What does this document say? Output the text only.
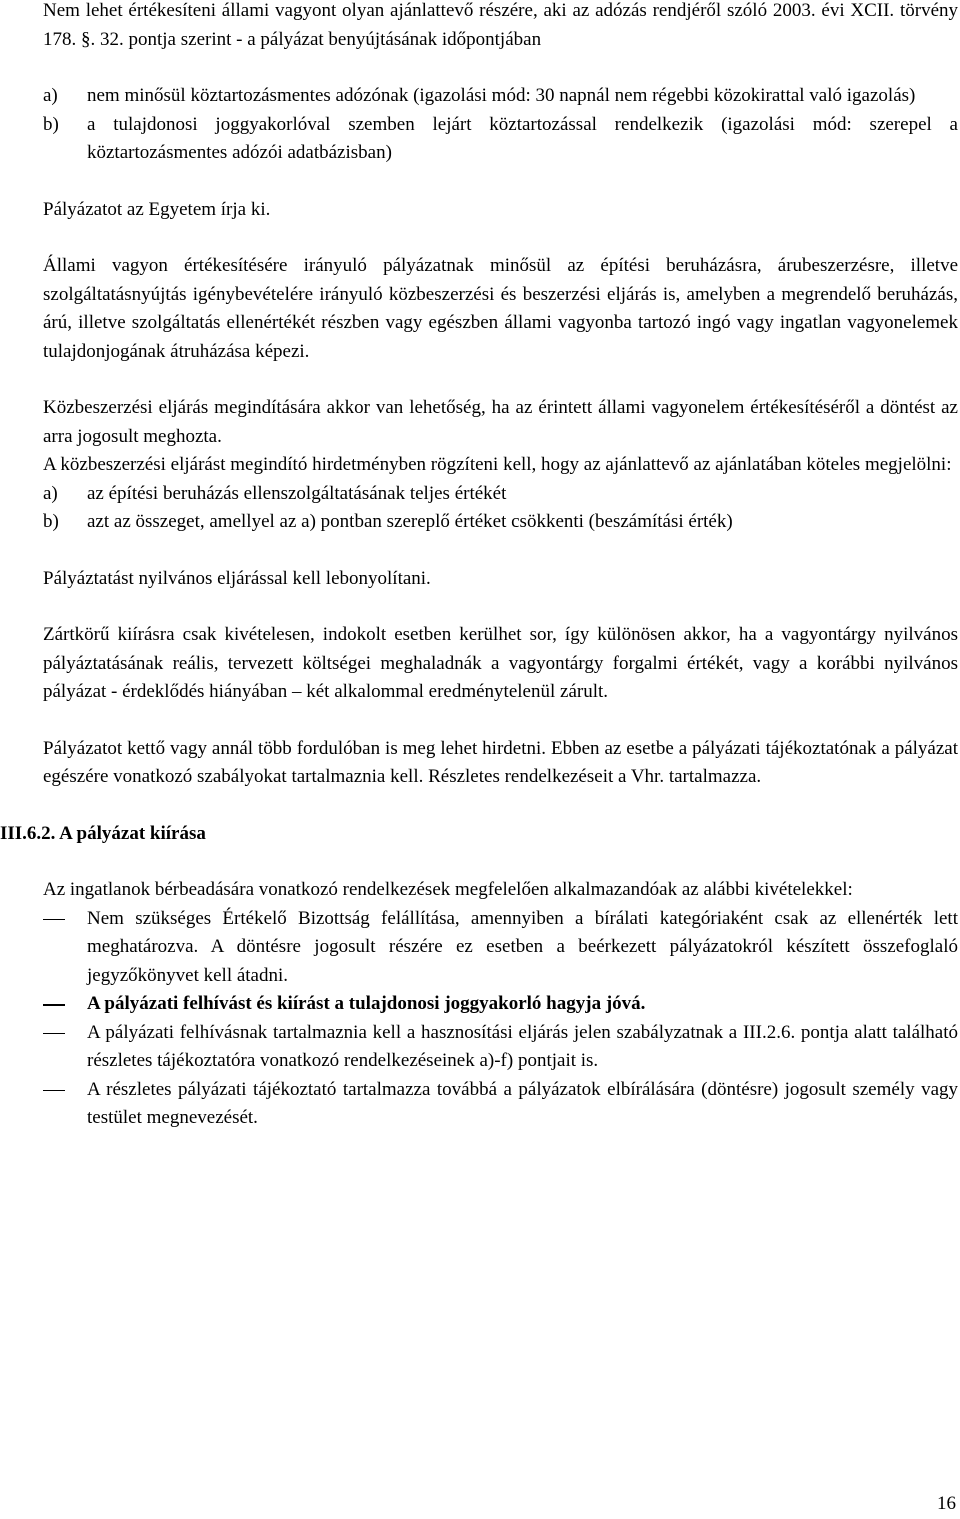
Nem lehet értékesíteni állami vagyont olyan ajánlattevő részére, aki az adózás rendjéről szóló 2003. évi XCII. törvény 178. §. 32. pontja szerint - a pályázat benyújtásának időpontjában

a)	nem minősül köztartozásmentes adózónak (igazolási mód: 30 napnál nem régebbi közokirattal való igazolás)
b)	a tulajdonosi joggyakorlóval szemben lejárt köztartozással rendelkezik (igazolási mód: szerepel a köztartozásmentes adózói adatbázisban)

Pályázatot az Egyetem írja ki.

Állami vagyon értékesítésére irányuló pályázatnak minősül az építési beruházásra, árubeszerzésre, illetve szolgáltatásnyújtás igénybevételére irányuló közbeszerzési és beszerzési eljárás is, amelyben a megrendelő beruházás, árú, illetve szolgáltatás ellenértékét részben vagy egészben állami vagyonba tartozó ingó vagy ingatlan vagyonelemek tulajdonjogának átruházása képezi.

Közbeszerzési eljárás megindítására akkor van lehetőség, ha az érintett állami vagyonelem értékesítéséről a döntést az arra jogosult meghozta.

A közbeszerzési eljárást megindító hirdetményben rögzíteni kell, hogy az ajánlattevő az ajánlatában köteles megjelölni:

a)	az építési beruházás ellenszolgáltatásának teljes értékét
b)	azt az összeget, amellyel az a) pontban szereplő értéket csökkenti (beszámítási érték)

Pályáztatást nyilvános eljárással kell lebonyolítani.

Zártkörű kiírásra csak kivételesen, indokolt esetben kerülhet sor, így különösen akkor, ha a vagyontárgy nyilvános pályáztatásának reális, tervezett költségei meghaladnák a vagyontárgy forgalmi értékét, vagy a korábbi nyilvános pályázat - érdeklődés hiányában – két alkalommal eredménytelenül zárult.

Pályázatot kettő vagy annál több fordulóban is meg lehet hirdetni. Ebben az esetbe a pályázati tájékoztatónak a pályázat egészére vonatkozó szabályokat tartalmaznia kell. Részletes rendelkezéseit a Vhr. tartalmazza.

III.6.2. A pályázat kiírása

Az ingatlanok bérbeadására vonatkozó rendelkezések megfelelően alkalmazandóak az alábbi kivételekkel:

Nem szükséges Értékelő Bizottság felállítása, amennyiben a bírálati kategóriaként csak az ellenérték lett meghatározva. A döntésre jogosult részére ez esetben a beérkezett pályázatokról készített összefoglaló jegyzőkönyvet kell átadni.
A pályázati felhívást és kiírást a tulajdonosi joggyakorló hagyja jóvá.
A pályázati felhívásnak tartalmaznia kell a hasznosítási eljárás jelen szabályzatnak a III.2.6. pontja alatt található részletes tájékoztatóra vonatkozó rendelkezéseinek a)-f) pontjait is.
A részletes pályázati tájékoztató tartalmazza továbbá a pályázatok elbírálására (döntésre) jogosult személy vagy testület megnevezését.
16
